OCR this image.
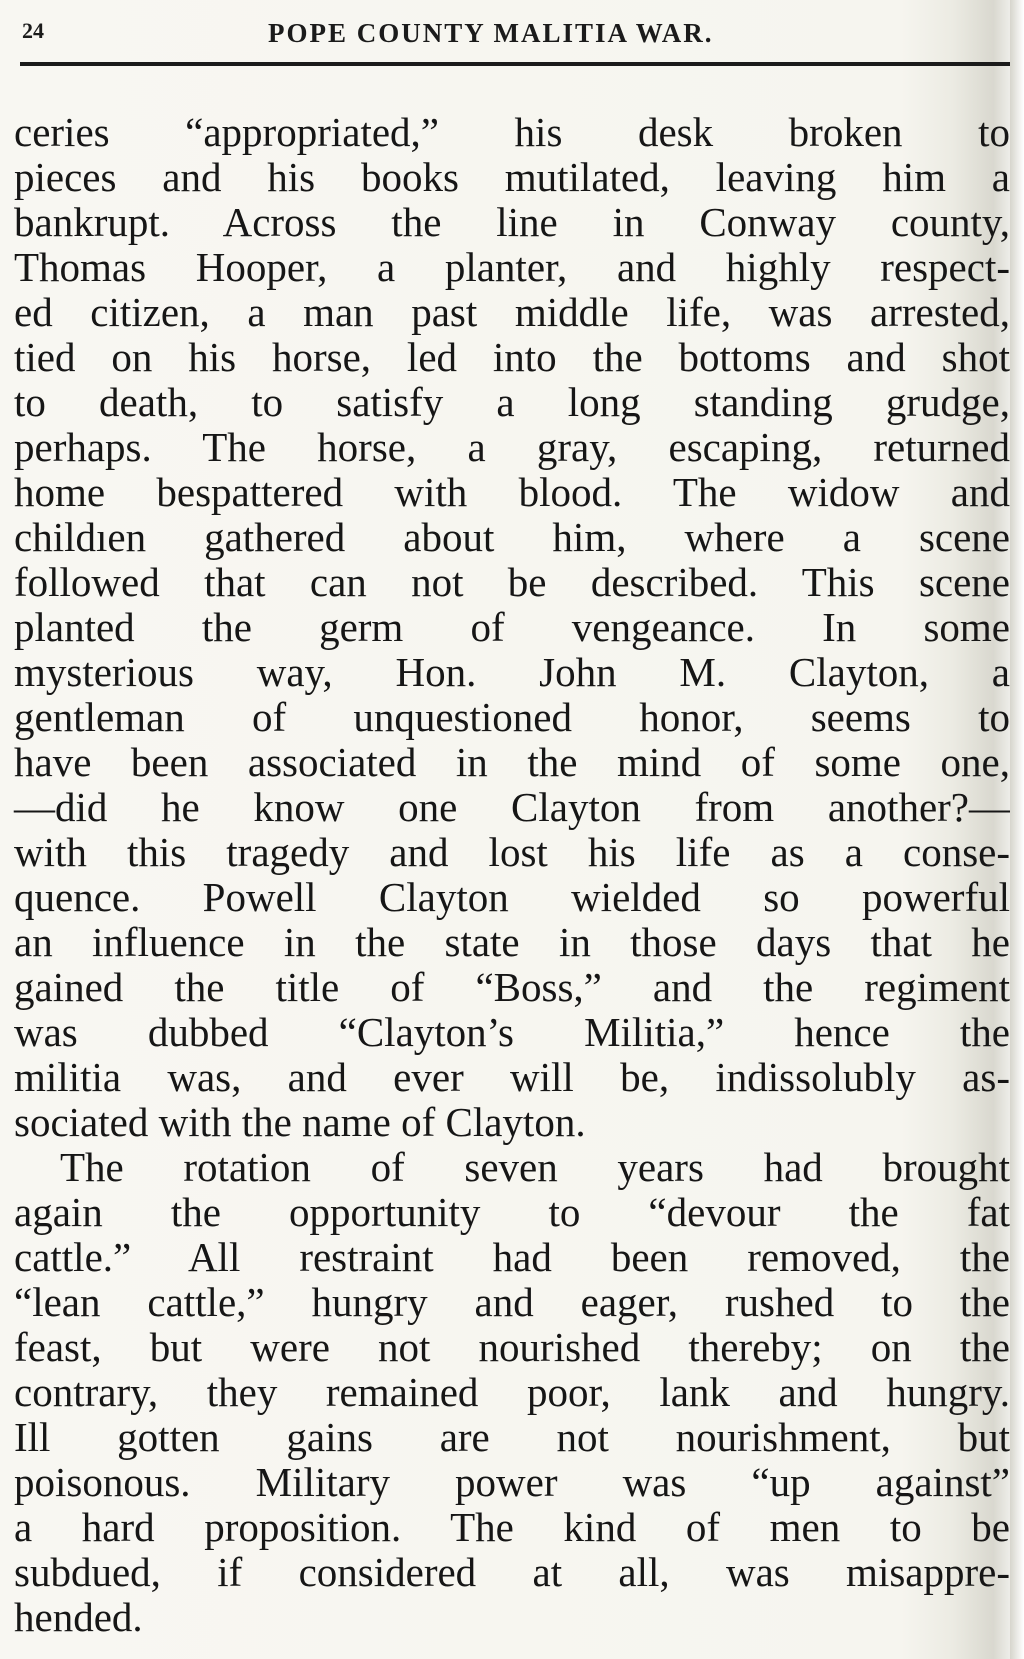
24	POPE COUNTY MALITIA WAR.
ceries “appropriated,” his desk broken to
pieces and his books mutilated, leaving him a
bankrupt. Across the line in Conway county,
Thomas Hooper, a planter, and highly respect-
ed citizen, a man past middle life, was arrested,
tied on his horse, led into the bottoms and shot
to death, to satisfy a long standing grudge,
perhaps. The horse, a gray, escaping, returned
home bespattered with blood. The widow and
childıen gathered about him, where a scene
followed that can not be described. This scene
planted the germ of vengeance. In some
mysterious way, Hon. John M. Clayton, a
gentleman of unquestioned honor, seems to
have been associated in the mind of some one,
—did he know one Clayton from another?—
with this tragedy and lost his life as a conse-
quence. Powell Clayton wielded so powerful
an influence in the state in those days that he
gained the title of “Boss,” and the regiment
was dubbed “Clayton’s Militia,” hence the
militia was, and ever will be, indissolubly as-
sociated with the name of Clayton.
The rotation of seven years had brought
again the opportunity to “devour the fat
cattle.” All restraint had been removed, the
“lean cattle,” hungry and eager, rushed to the
feast, but were not nourished thereby; on the
contrary, they remained poor, lank and hungry.
Ill gotten gains are not nourishment, but
poisonous. Military power was “up against”
a hard proposition. The kind of men to be
subdued, if considered at all, was misappre-
hended.
